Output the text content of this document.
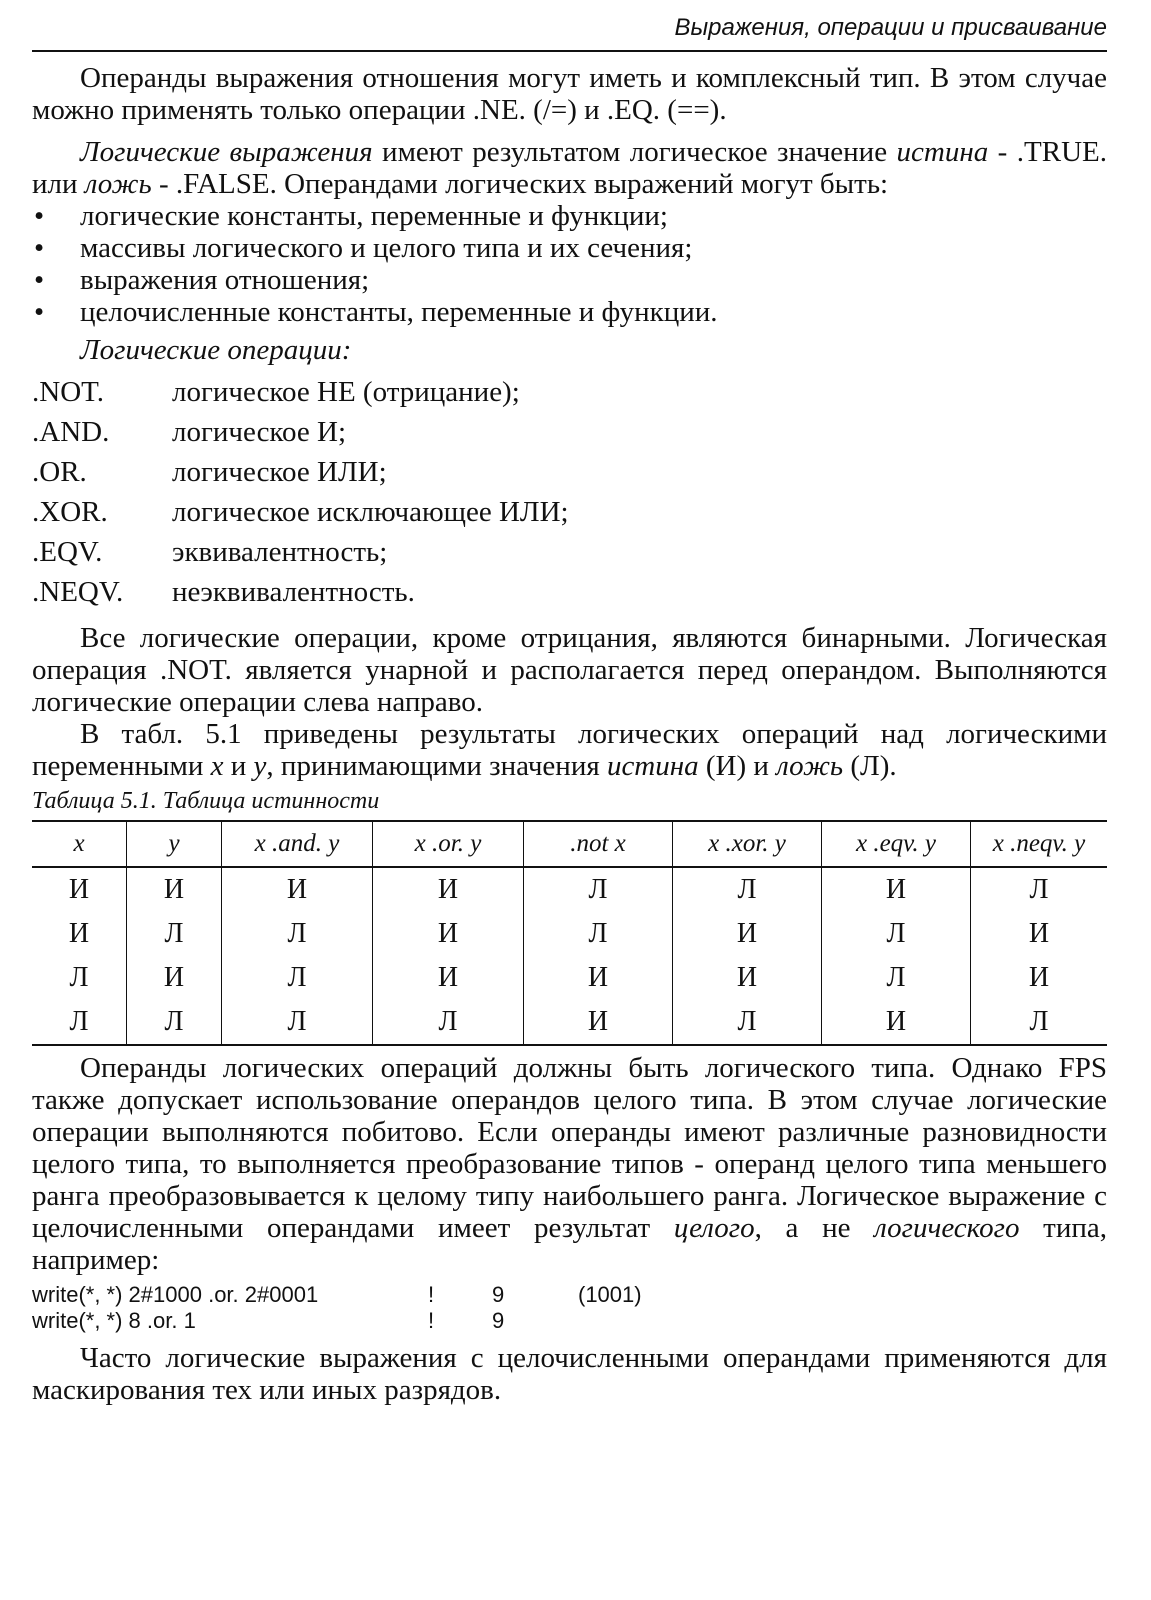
Выражения, операции и присваивание

Операнды выражения отношения могут иметь и комплексный тип. В этом случае можно применять только операции .NE. (/=) и .EQ. (==).

Логические выражения имеют результатом логическое значение истина - .TRUE. или ложь - .FALSE. Операндами логических выражений могут быть:

• логические константы, переменные и функции;
• массивы логического и целого типа и их сечения;
• выражения отношения;
• целочисленные константы, переменные и функции.
Логические операции:
.NOT.	логическое НЕ (отрицание);
.AND.	логическое И;
.OR.	логическое ИЛИ;
.XOR.	логическое исключающее ИЛИ;
.EQV.	эквивалентность;
.NEQV.	неэквивалентность.

Все логические операции, кроме отрицания, являются бинарными. Логическая операция .NOT. является унарной и располагается перед операндом. Выполняются логические операции слева направо.

В табл. 5.1 приведены результаты логических операций над логическими переменными x и y, принимающими значения истина (И) и ложь (Л).

Таблица 5.1. Таблица истинности
x	y	x .and. y	x .or. y	.not x	x .xor. y	x .eqv. y	x .neqv. y
И	И	И	И	Л	Л	И	Л
И	Л	Л	И	Л	И	Л	И
Л	И	Л	И	И	И	Л	И
Л	Л	Л	Л	И	Л	И	Л

Операнды логических операций должны быть логического типа. Однако FPS также допускает использование операндов целого типа. В этом случае логические операции выполняются побитово. Если операнды имеют различные разновидности целого типа, то выполняется преобразование типов - операнд целого типа меньшего ранга преобразовывается к целому типу наибольшего ранга. Логическое выражение с целочисленными операндами имеет результат целого, а не логического типа, например:

write(*, *) 2#1000 .or. 2#0001	!	9	(1001)
write(*, *) 8 .or. 1	!	9

Часто логические выражения с целочисленными операндами применяются для маскирования тех или иных разрядов.
